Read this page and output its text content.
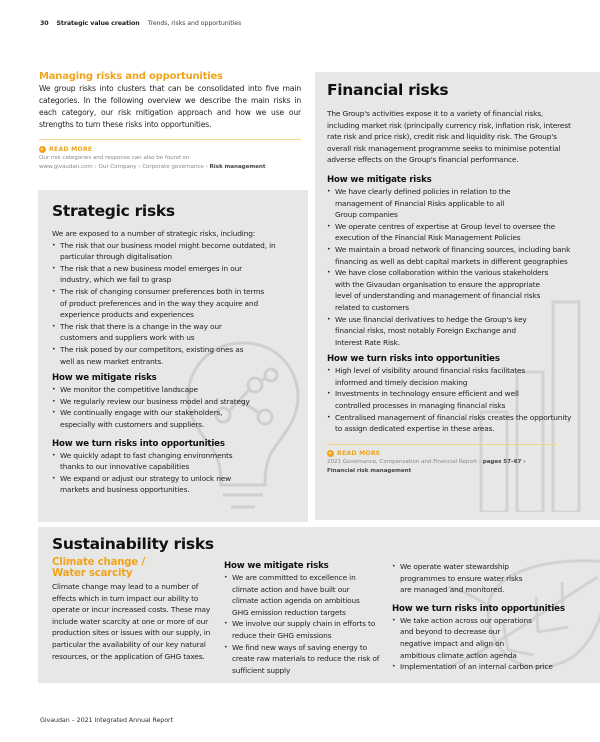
30 Strategic value creation Trends, risks and opportunities
Managing risks and opportunities

We group risks into clusters that can be consolidated into five main categories. In the following overview we describe the main risks in each category, our risk mitigation approach and how we use our strengths to turn these risks into opportunities.

READ MORE
Our risk categories and response can also be found on
www.givaudan.com › Our Company › Corporate governance › Risk management
Strategic risks

We are exposed to a number of strategic risks, including:

• The risk that our business model might become outdated, in particular through digitalisation
• The risk that a new business model emerges in our industry, which we fail to grasp
• The risk of changing consumer preferences both in terms of product preferences and in the way they acquire and experience products and experiences
• The risk that there is a change in the way our customers and suppliers work with us
• The risk posed by our competitors, existing ones as well as new market entrants.
How we mitigate risks
• We monitor the competitive landscape
• We regularly review our business model and strategy
• We continually engage with our stakeholders, especially with customers and suppliers.
How we turn risks into opportunities
• We quickly adapt to fast changing environments thanks to our innovative capabilities
• We expand or adjust our strategy to unlock new markets and business opportunities.
Financial risks

The Group's activities expose it to a variety of financial risks, including market risk (principally currency risk, inflation risk, interest rate risk and price risk), credit risk and liquidity risk. The Group's overall risk management programme seeks to minimise potential adverse effects on the Group's financial performance.

How we mitigate risks
• We have clearly defined policies in relation to the management of Financial Risks applicable to all Group companies
• We operate centres of expertise at Group level to oversee the execution of the Financial Risk Management Policies
• We maintain a broad network of financing sources, including bank financing as well as debt capital markets in different geographies
• We have close collaboration within the various stakeholders with the Givaudan organisation to ensure the appropriate level of understanding and management of financial risks related to customers
• We use financial derivatives to hedge the Group's key financial risks, most notably Foreign Exchange and Interest Rate Risk.
How we turn risks into opportunities
• High level of visibility around financial risks facilitates informed and timely decision making
• Investments in technology ensure efficient and well controlled processes in managing financial risks
• Centralised management of financial risks creates the opportunity to assign dedicated expertise in these areas.
READ MORE
2021 Governance, Compensation and Financial Report › pages 57–67 ›
Financial risk management
Sustainability risks
Climate change /
Water scarcity

Climate change may lead to a number of effects which in turn impact our ability to operate or incur increased costs. These may include water scarcity at one or more of our production sites or issues with our supply, in particular the availability of our key natural resources, or the application of GHG taxes.

How we mitigate risks
• We are committed to excellence in climate action and have built our climate action agenda on ambitious GHG emission reduction targets
• We involve our supply chain in efforts to reduce their GHG emissions
• We find new ways of saving energy to create raw materials to reduce the risk of sufficient supply
• We operate water stewardship programmes to ensure water risks are managed and monitored.
How we turn risks into opportunities
• We take action across our operations and beyond to decrease our negative impact and align on ambitious climate action agenda
• Implementation of an internal carbon price
Givaudan – 2021 Integrated Annual Report
